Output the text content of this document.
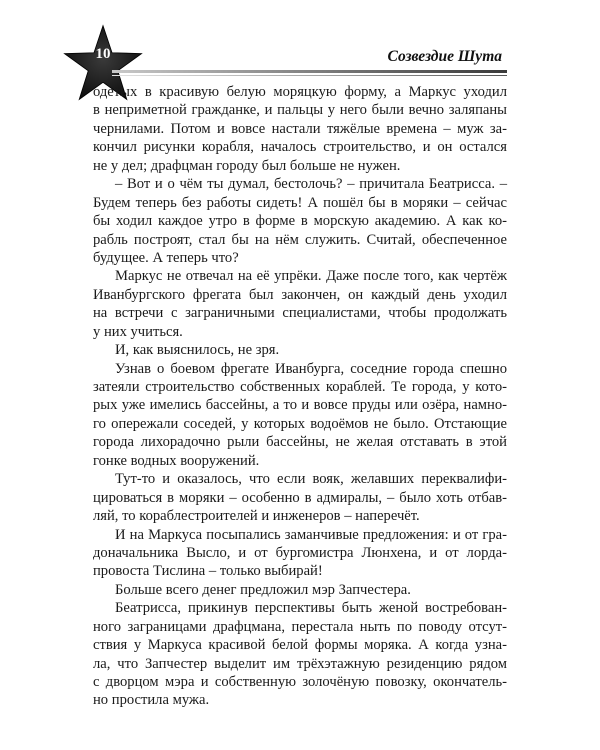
10	Созвездие Шута
одетых в красивую белую моряцкую форму, а Маркус уходил
в неприметной гражданке, и пальцы у него были вечно заляпаны
чернилами. Потом и вовсе настали тяжёлые времена – муж за-
кончил рисунки корабля, началось строительство, и он остался
не у дел; драфцман городу был больше не нужен.
– Вот и о чём ты думал, бестолочь? – причитала Беатрисса. –
Будем теперь без работы сидеть! А пошёл бы в моряки – сейчас
бы ходил каждое утро в форме в морскую академию. А как ко-
рабль построят, стал бы на нём служить. Считай, обеспеченное
будущее. А теперь что?
Маркус не отвечал на её упрёки. Даже после того, как чертёж
Иванбургского фрегата был закончен, он каждый день уходил
на встречи с заграничными специалистами, чтобы продолжать
у них учиться.
И, как выяснилось, не зря.
Узнав о боевом фрегате Иванбурга, соседние города спешно
затеяли строительство собственных кораблей. Те города, у кото-
рых уже имелись бассейны, а то и вовсе пруды или озёра, намно-
го опережали соседей, у которых водоёмов не было. Отстающие
города лихорадочно рыли бассейны, не желая отставать в этой
гонке водных вооружений.
Тут-то и оказалось, что если вояк, желавших переквалифи-
цироваться в моряки – особенно в адмиралы, – было хоть отбав-
ляй, то кораблестроителей и инженеров – наперечёт.
И на Маркуса посыпались заманчивые предложения: и от гра-
доначальника Высло, и от бургомистра Люнхена, и от лорда-
провоста Тислина – только выбирай!
Больше всего денег предложил мэр Запчестера.
Беатрисса, прикинув перспективы быть женой востребован-
ного заграницами драфцмана, перестала ныть по поводу отсут-
ствия у Маркуса красивой белой формы моряка. А когда узна-
ла, что Запчестер выделит им трёхэтажную резиденцию рядом
с дворцом мэра и собственную золочёную повозку, окончатель-
но простила мужа.
